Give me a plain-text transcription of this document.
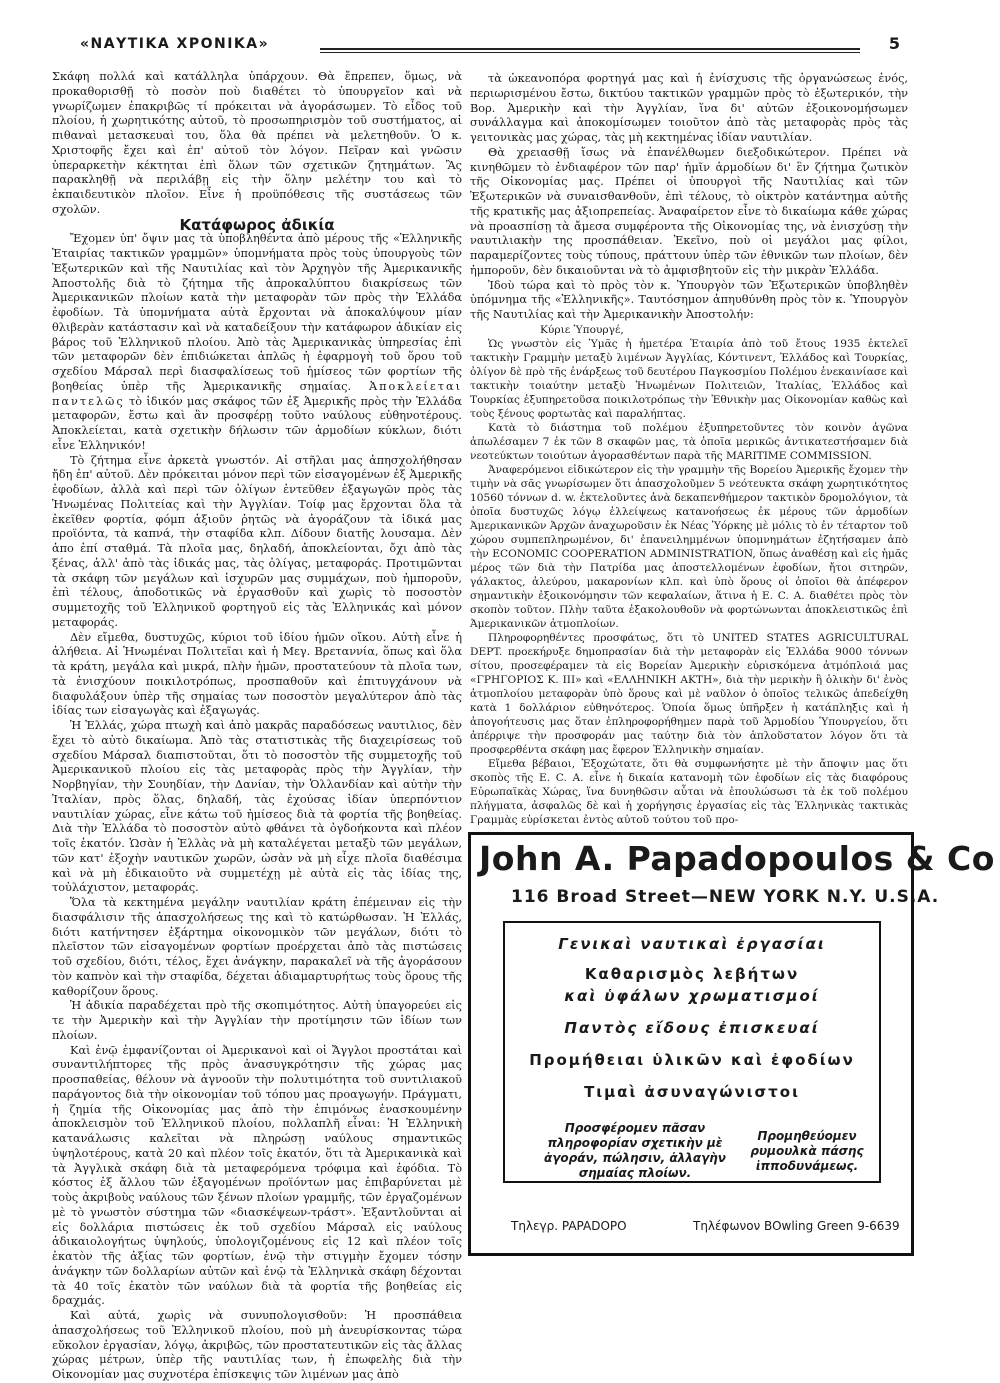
«ΝΑΥΤΙΚΑ ΧΡΟΝΙΚΑ»	5

Σκάφη πολλά καὶ κατάλληλα ὑπάρχουν. Θὰ ἔπρεπεν, ὅμως, νὰ προκαθορισθῇ τὸ ποσὸν ποὺ διαθέτει τὸ ὑπουργεῖον καὶ νὰ γνωρίζωμεν ἐπακριβῶς τί πρόκειται νὰ ἀγοράσωμεν. Τὸ εἶδος τοῦ πλοίου, ἡ χωρητικότης αὐτοῦ, τὸ προσωπηρισμὸν τοῦ συστήματος, αἱ πιθαναὶ μετασκευαὶ του, ὅλα θὰ πρέπει νὰ μελετηθοῦν. Ὁ κ. Χριστοφῆς ἔχει καὶ ἐπ' αὐτοῦ τὸν λόγον. Πεῖραν καὶ γνῶσιν ὑπεραρκετὴν κέκτηται ἐπὶ ὅλων τῶν σχετικῶν ζητημάτων. Ἂς παρακληθῇ νὰ περιλάβῃ εἰς τὴν ὅλην μελέτην του καὶ τὸ ἐκπαιδευτικὸν πλοῖον. Εἶνε ἡ προϋπόθεσις τῆς συστάσεως τῶν σχολῶν.

Κατάφωρος ἀδικία

Ἔχομεν ὑπ' ὄψιν μας τὰ ὑποβληθέντα ἀπὸ μέρους τῆς «Ἑλληνικῆς Ἑταιρίας τακτικῶν γραμμῶν» ὑπομνήματα πρὸς τοὺς ὑπουργοὺς τῶν Ἐξωτερικῶν καὶ τῆς Ναυτιλίας καὶ τὸν Ἀρχηγὸν τῆς Ἀμερικανικῆς Ἀποστολῆς διὰ τὸ ζήτημα τῆς ἀπροκαλύπτου διακρίσεως τῶν Ἀμερικανικῶν πλοίων κατὰ τὴν μεταφορὰν τῶν πρὸς τὴν Ἑλλάδα ἐφοδίων. Τὰ ὑπομνήματα αὐτὰ ἔρχονται νὰ ἀποκαλύψουν μίαν θλιβερὰν κατάστασιν καὶ νὰ καταδείξουν τὴν κατάφωρον ἀδικίαν εἰς βάρος τοῦ Ἑλληνικοῦ πλοίου. Ἀπὸ τὰς Ἀμερικανικὰς ὑπηρεσίας ἐπὶ τῶν μεταφορῶν δὲν ἐπιδιώκεται ἁπλῶς ἡ ἐφαρμογὴ τοῦ ὅρου τοῦ σχεδίου Μάρσαλ περὶ διασφαλίσεως τοῦ ἡμίσεος τῶν φορτίων τῆς βοηθείας ὑπὲρ τῆς Ἀμερικανικῆς σημαίας. Ἀποκλείεται παντελῶς τὸ ἰδικόν μας σκάφος τῶν ἐξ Ἀμερικῆς πρὸς τὴν Ἑλλάδα μεταφορῶν, ἔστω καὶ ἂν προσφέρῃ τοῦτο ναύλους εὐθηνοτέρους. Ἀποκλείεται, κατὰ σχετικὴν δήλωσιν τῶν ἁρμοδίων κύκλων, διότι εἶνε Ἑλληνικόν!

Τὸ ζήτημα εἶνε ἀρκετὰ γνωστόν. Αἱ στῆλαι μας ἀπησχολήθησαν ἤδη ἐπ' αὐτοῦ. Δὲν πρόκειται μόνον περὶ τῶν εἰσαγομένων ἐξ Ἀμερικῆς ἐφοδίων, ἀλλὰ καὶ περὶ τῶν ὀλίγων ἐντεῦθεν ἐξαγωγῶν πρὸς τὰς Ἡνωμένας Πολιτείας καὶ τὴν Ἀγγλίαν. Τοίφ μας ἔρχονται ὅλα τὰ ἐκεῖθεν φορτία, φόμπ ἀξιοῦν ῥητῶς νὰ ἀγοράζουν τὰ ἰδικά μας προϊόντα, τὰ καπνά, τὴν σταφίδα κλπ. Δίδουν διατῆς λουσαμα. Δὲν ἀπο ἐπί σταθμά. Τὰ πλοῖα μας, δηλαδή, ἀποκλείονται, ὄχι ἀπὸ τὰς ξένας, ἀλλ' ἀπὸ τὰς ἰδικάς μας, τὰς ὀλίγας, μεταφοράς. Προτιμῶνται τὰ σκάφη τῶν μεγάλων καὶ ἰσχυρῶν μας συμμάχων, ποὺ ἠμποροῦν, ἐπὶ τέλους, ἀποδοτικῶς νὰ ἐργασθοῦν καὶ χωρὶς τὸ ποσοστὸν συμμετοχῆς τοῦ Ἑλληνικοῦ φορτηγοῦ εἰς τὰς Ἑλληνικάς καὶ μόνον μεταφοράς.

Δὲν εἴμεθα, δυστυχῶς, κύριοι τοῦ ἰδίου ἡμῶν οἴκου. Αὐτὴ εἶνε ἡ ἀλήθεια. Αἱ Ἡνωμέναι Πολιτεῖαι καὶ ἡ Μεγ. Βρεταννία, ὅπως καὶ ὅλα τὰ κράτη, μεγάλα καὶ μικρά, πλὴν ἡμῶν, προστατεύουν τὰ πλοῖα των, τὰ ἐνισχύουν ποικιλοτρόπως, προσπαθοῦν καὶ ἐπιτυγχάνουν νὰ διαφυλάξουν ὑπὲρ τῆς σημαίας των ποσοστὸν μεγαλύτερον ἀπὸ τὰς ἰδίας των εἰσαγωγὰς καὶ ἐξαγωγάς.

Ἡ Ἑλλάς, χώρα πτωχὴ καὶ ἀπὸ μακρᾶς παραδόσεως ναυτιλιος, δὲν ἔχει τὸ αὐτὸ δικαίωμα. Ἀπὸ τὰς στατιστικὰς τῆς διαχειρίσεως τοῦ σχεδίου Μάρσαλ διαπιστοῦται, ὅτι τὸ ποσοστὸν τῆς συμμετοχῆς τοῦ Ἀμερικανικοῦ πλοίου εἰς τὰς μεταφορὰς πρὸς τὴν Ἀγγλίαν, τὴν Νορβηγίαν, τὴν Σουηδίαν, τὴν Δανίαν, τὴν Ὁλλανδίαν καὶ αὐτὴν τὴν Ἰταλίαν, πρὸς ὅλας, δηλαδή, τὰς ἐχούσας ἰδίαν ὑπερπόντιον ναυτιλίαν χώρας, εἶνε κάτω τοῦ ἡμίσεος διὰ τὰ φορτία τῆς βοηθείας. Διὰ τὴν Ἑλλάδα τὸ ποσοστὸν αὐτὸ φθάνει τὰ ὀγδοήκοντα καὶ πλέον τοῖς ἑκατόν. Ὡσὰν ἡ Ἑλλὰς νὰ μὴ καταλέγεται μεταξὺ τῶν μεγάλων, τῶν κατ' ἐξοχὴν ναυτικῶν χωρῶν, ὡσὰν νὰ μὴ εἶχε πλοῖα διαθέσιμα καὶ νὰ μὴ ἐδικαιοῦτο νὰ συμμετέχῃ μὲ αὐτὰ εἰς τὰς ἰδίας της, τοὐλάχιστον, μεταφοράς.

Ὅλα τὰ κεκτημένα μεγάλην ναυτιλίαν κράτη ἐπέμειναν εἰς τὴν διασφάλισιν τῆς ἀπασχολήσεως της καὶ τὸ κατώρθωσαν. Ἡ Ἑλλάς, διότι κατήντησεν ἐξάρτημα οἰκονομικὸν τῶν μεγάλων, διότι τὸ πλεῖστον τῶν εἰσαγομένων φορτίων προέρχεται ἀπὸ τὰς πιστώσεις τοῦ σχεδίου, διότι, τέλος, ἔχει ἀνάγκην, παρακαλεῖ νὰ τῆς ἀγοράσουν τὸν καπνὸν καὶ τὴν σταφίδα, δέχεται ἀδιαμαρτυρήτως τοὺς ὅρους τῆς καθορίζουν ὅρους.

Ἡ ἀδικία παραδέχεται πρὸ τῆς σκοπιμότητος. Αὐτὴ ὑπαγορεύει εἰς τε τὴν Ἀμερικὴν καὶ τὴν Ἀγγλίαν τὴν προτίμησιν τῶν ἰδίων των πλοίων.

Καὶ ἐνῷ ἐμφανίζονται οἱ Ἀμερικανοὶ καὶ οἱ Ἄγγλοι προστάται καὶ συναντιλήπτορες τῆς πρὸς ἀνασυγκρότησιν τῆς χώρας μας προσπαθείας, θέλουν νὰ ἀγνοοῦν τὴν πολυτιμότητα τοῦ συντιλιακοῦ παράγοντος διὰ τὴν οἰκονομίαν τοῦ τόπου μας προαγωγήν. Πράγματι, ἡ ζημία τῆς Οἰκονομίας μας ἀπὸ τὴν ἐπιμόνως ἐνασκουμένην ἀποκλεισμὸν τοῦ Ἑλληνικοῦ πλοίου, πολλαπλῆ εἶναι: Ἡ Ἑλληνικὴ κατανάλωσις καλεῖται νὰ πληρώσῃ ναύλους σημαντικῶς ὑψηλοτέρους, κατὰ 20 καὶ πλέον τοῖς ἑκατόν, ὅτι τὰ Ἀμερικανικὰ καὶ τὰ Ἀγγλικὰ σκάφη διὰ τὰ μεταφερόμενα τρόφιμα καὶ ἐφόδια. Τὸ κόστος ἐξ ἄλλου τῶν ἐξαγομένων προϊόντων μας ἐπιβαρύνεται μὲ τοὺς ἀκριβοὺς ναύλους τῶν ξένων πλοίων γραμμῆς, τῶν ἐργαζομένων μὲ τὸ γνωστὸν σύστημα τῶν «διασκέψεων-τράστ». Ἐξαντλοῦνται αἱ εἰς δολλάρια πιστώσεις ἐκ τοῦ σχεδίου Μάρσαλ εἰς ναύλους ἀδικαιολογήτως ὑψηλούς, ὑπολογιζομένους εἰς 12 καὶ πλέον τοῖς ἑκατὸν τῆς ἀξίας τῶν φορτίων, ἐνῷ τὴν στιγμὴν ἔχομεν τόσην ἀνάγκην τῶν δολλαρίων αὐτῶν καὶ ἐνῷ τὰ Ἑλληνικὰ σκάφη δέχονται τὰ 40 τοῖς ἑκατὸν τῶν ναύλων διὰ τὰ φορτία τῆς βοηθείας εἰς δραχμάς.

Καὶ αὐτά, χωρὶς νὰ συνυπολογισθοῦν: Ἡ προσπάθεια ἀπασχολήσεως τοῦ Ἑλληνικοῦ πλοίου, ποὺ μὴ ἀνευρίσκονтας τώρα εὔκολον ἐργασίαν, λόγῳ, ἀκριβῶς, τῶν προστατευτικῶν εἰς τὰς ἄλλας χώρας μέτρων, ὑπὲρ τῆς ναυτιλίας των, ἡ ἐπωφελὴς διὰ τὴν Οἰκονομίαν μας συχνοτέρα ἐπίσκεψις τῶν λιμένων μας ἀπὸ

τὰ ὠκεανοπόρα φορτηγά μας καὶ ἡ ἐνίσχυσις τῆς ὀργανώσεως ἐνός, περιωρισμένου ἔστω, δικτύου τακτικῶν γραμμῶν πρὸς τὸ ἐξωτερικόν, τὴν Βορ. Ἀμερικὴν καὶ τὴν Ἀγγλίαν, ἵνα δι' αὐτῶν ἐξοικονομήσωμεν συνάλλαγμα καὶ ἀποκομίσωμεν τοιοῦτον ἀπὸ τὰς μεταφορὰς πρὸς τὰς γειτονικὰς μας χώρας, τὰς μὴ κεκτημένας ἰδίαν ναυτιλίαν.

Θὰ χρειασθῇ ἴσως νὰ ἐπανέλθωμεν διεξοδικώτερον. Πρέπει νὰ κινηθῶμεν τὸ ἐνδιαφέρον τῶν παρ' ἡμῖν ἁρμοδίων δι' ἓν ζήτημα ζωτικὸν τῆς Οἰκονομίας μας. Πρέπει οἱ ὑπουργοὶ τῆς Ναυτιλίας καὶ τῶν Ἐξωτερικῶν νὰ συναισθανθοῦν, ἐπὶ τέλους, τὸ οἰκτρὸν κατάντημα αὐτῆς τῆς κρατικῆς μας ἀξιοπρεπείας. Ἀναφαίρετον εἶνε τὸ δικαίωμα κάθε χώρας νὰ προασπίσῃ τὰ ἄμεσα συμφέροντα τῆς Οἰκονομίας της, νὰ ἐνισχύσῃ τὴν ναυτιλιακὴν της προσπάθειαν. Ἐκεῖνο, ποὺ οἱ μεγάλοι μας φίλοι, παραμερίζοντες τοὺς τύπους, πράττουν ὑπὲρ τῶν ἐθνικῶν των πλοίων, δὲν ἠμποροῦν, δὲν δικαιοῦνται νὰ τὸ ἀμφισβητοῦν εἰς τὴν μικρὰν Ἑλλάδα.

Ἰδοὺ τώρα καὶ τὸ πρὸς τὸν κ. Ὑπουργὸν τῶν Ἐξωτερικῶν ὑποβληθὲν ὑπόμνημα τῆς «Ἑλληνικῆς». Ταυτόσημον ἀπηυθύνθη πρὸς τὸν κ. Ὑπουργὸν τῆς Ναυτιλίας καὶ τὴν Ἀμερικανικὴν Ἀποστολήν:

Κύριε Ὑπουργέ,

Ὡς γνωστὸν εἰς Ὑμᾶς ἡ ἡμετέρα Ἑταιρία ἀπὸ τοῦ ἔτους 1935 ἐκτελεῖ τακτικὴν Γραμμὴν μεταξὺ λιμένων Ἀγγλίας, Κόντινεντ, Ἑλλάδος καὶ Τουρκίας, ὀλίγον δὲ πρὸ τῆς ἐνάρξεως τοῦ δευτέρου Παγκοσμίου Πολέμου ἐνεκαινίασε καὶ τακτικὴν τοιαύτην μεταξὺ Ἡνωμένων Πολιτειῶν, Ἰταλίας, Ἑλλάδος καὶ Τουρκίας ἐξυπηρετοῦσα ποικιλοτρόπως τὴν Ἐθνικὴν μας Οἰκονομίαν καθὼς καὶ τοὺς ξένους φορτωτὰς καὶ παραλήπτας.

Κατὰ τὸ διάστημα τοῦ πολέμου ἐξυπηρετοῦντες τὸν κοινὸν ἀγῶνα ἀπωλέσαμεν 7 ἐκ τῶν 8 σκαφῶν μας, τὰ ὁποῖα μερικῶς ἀντικατεστήσαμεν διὰ νεοτεύκτων τοιούτων ἀγορασθέντων παρὰ τῆς MARITIME COMMISSION.

Ἀναφερόμενοι εἰδικώτερον εἰς τὴν γραμμὴν τῆς Βορείου Ἀμερικῆς ἔχομεν τὴν τιμὴν νὰ σᾶς γνωρίσωμεν ὅτι ἀπασχολοῦμεν 5 νεότευκτα σκάφη χωρητικότητος 10560 τόννων d. w. ἐκτελοῦντες ἀνὰ δεκαπενθήμερον τακτικὸν δρομολόγιον, τὰ ὁποῖα δυστυχῶς λόγῳ ἐλλείψεως κατανοήσεως ἐκ μέρους τῶν ἁρμοδίων Ἀμερικανικῶν Ἀρχῶν ἀναχωροῦσιν ἐκ Νέας Ὑόρκης μὲ μόλις τὸ ἐν τέταρτον τοῦ χώρου συμπεπληρωμένον, δι' ἐπανειλημμένων ὑπομνημάτων ἐζητήσαμεν ἀπὸ τὴν ECONOMIC COOPERATION ADMINISTRATION, ὅπως ἀναθέσῃ καὶ εἰς ἡμᾶς μέρος τῶν διὰ τὴν Πατρίδα μας ἀποστελλομένων ἐφοδίων, ἤτοι σιτηρῶν, γάλακτος, ἀλεύρου, μακαρονίων κλπ. καὶ ὑπὸ ὅρους οἱ ὁποῖοι θὰ ἀπέφερον σημαντικὴν ἐξοικονόμησιν τῶν κεφαλαίων, ἅτινα ἡ E. C. A. διαθέτει πρὸς τὸν σκοπὸν τοῦτον. Πλὴν ταῦτα ἐξακολουθοῦν νὰ φορτώνωνται ἀποκλειστικῶς ἐπὶ Ἀμερικανικῶν ἀτμοπλοίων.

Πληροφορηθέντες προσφάτως, ὅτι τὸ UNITED STATES AGRICULTURAL DEPT. προεκήρυξε δημοπρασίαν διὰ τὴν μεταφορὰν εἰς Ἑλλάδα 9000 τόννων σίτου, προσεφέραμεν τὰ εἰς Βορείαν Ἀμερικὴν εὑρισκόμενα ἀτμόπλοιά μας «ΓΡΗΓΟΡΙΟΣ Κ. ΙΙΙ» καὶ «ΕΛΛΗΝΙΚΗ ΑΚΤΗ», διὰ τὴν μερικὴν ἢ ὁλικὴν δι' ἑνὸς ἀτμοπλοίου μεταφορὰν ὑπὸ ὅρους καὶ μὲ ναῦλον ὁ ὁποῖος τελικῶς ἀπεδείχθη κατὰ 1 δολλάριον εὐθηνότερος. Ὁποία ὅμως ὑπῆρξεν ἡ κατάπληξις καὶ ἡ ἀπογοήτευσις μας ὅταν ἐπληροφορήθημεν παρὰ τοῦ Ἁρμοδίου Ὑπουργείου, ὅτι ἀπέρριψε τὴν προσφοράν μας ταύτην διὰ τὸν ἁπλοῦστατον λόγον ὅτι τὰ προσφερθέντα σκάφη μας ἔφερον Ἑλληνικὴν σημαίαν.

Εἴμεθα βέβαιοι, Ἐξοχώτατε, ὅτι θὰ συμφωνήσητε μὲ τὴν ἄποψιν μας ὅτι σκοπὸς τῆς E. C. A. εἶνε ἡ δικαία κατανομὴ τῶν ἐφοδίων εἰς τὰς διαφόρους Εὐρωπαϊκὰς Χώρας, ἵνα δυνηθῶσιν αὗται νὰ ἐπουλώσωσι τὰ ἐκ τοῦ πολέμου πλήγματα, ἀσφαλῶς δὲ καὶ ἡ χορήγησις ἐργασίας εἰς τὰς Ἑλληνικὰς τακτικὰς Γραμμὰς εὑρίσκεται ἐντὸς αὐτοῦ τούτου τοῦ προ-

John A. Papadopoulos & Co
116 Broad Street—NEW YORK N.Y. U.S.A.
Γενικαὶ ναυτικαὶ ἐργασίαι
Καθαρισμὸς λεβήτων
καὶ ὑφάλων χρωματισμοί
Παντὸς εἴδους ἐπισκευαί
Προμήθειαι ὑλικῶν καὶ ἐφοδίων
Τιμαὶ ἀσυναγώνιστοι
Προσφέρομεν πᾶσαν πληροφορίαν σχετικὴν μὲ ἀγοράν, πώλησιν, ἀλλαγὴν σημαίας πλοίων.
Προμηθεύομεν ρυμουλκὰ πάσης ἱπποδυνάμεως.
Τηλεγρ. PAPADOPO	Τηλέφωνον BOwling Green 9-6639
